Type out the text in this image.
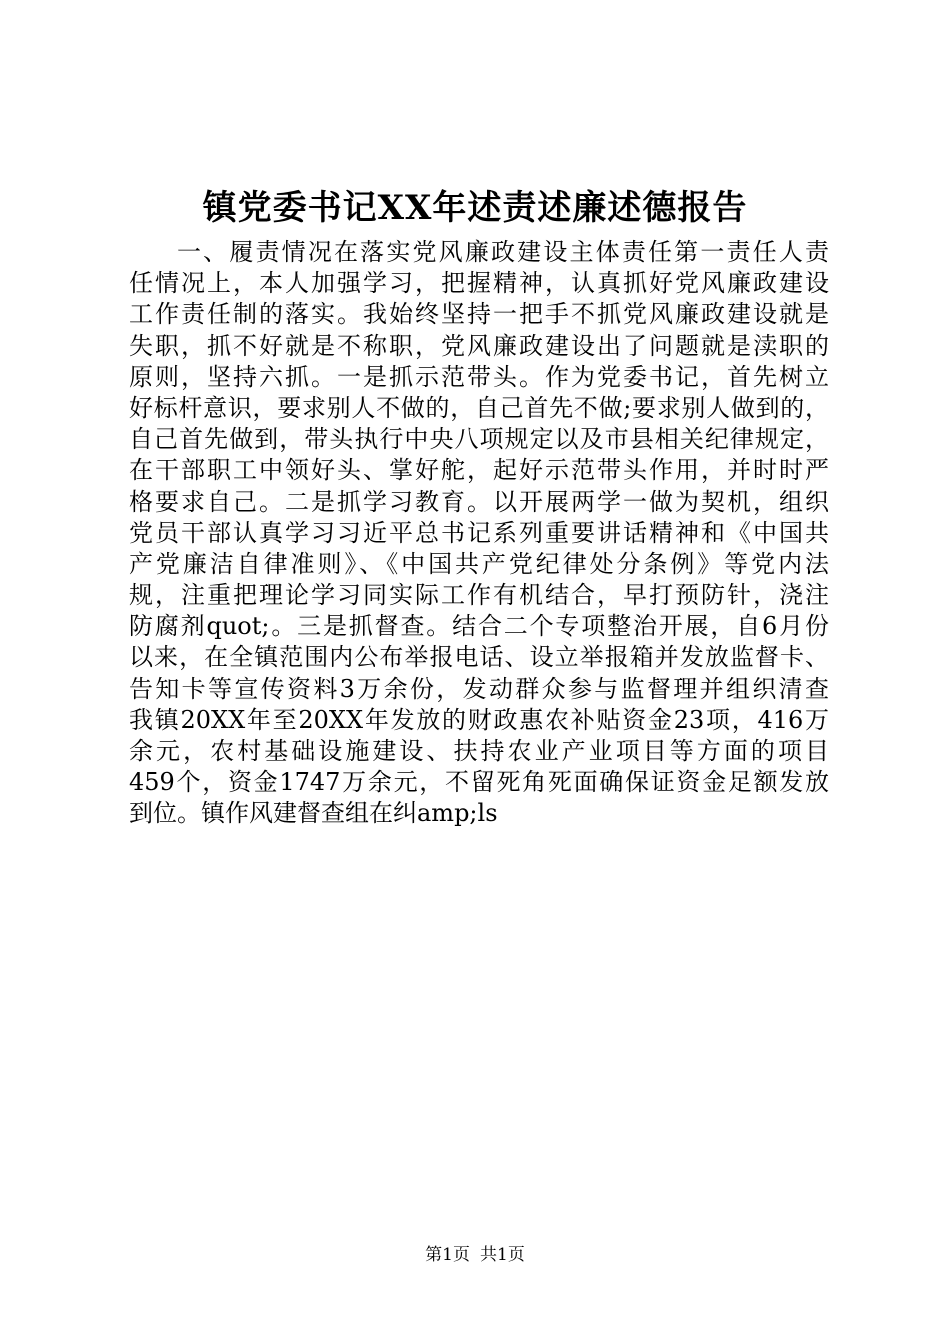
镇党委书记XX年述责述廉述德报告
一、履责情况在落实党风廉政建设主体责任第一责任人责
任情况上，本人加强学习，把握精神，认真抓好党风廉政建设
工作责任制的落实。我始终坚持一把手不抓党风廉政建设就是
失职，抓不好就是不称职，党风廉政建设出了问题就是渎职的
原则，坚持六抓。一是抓示范带头。作为党委书记，首先树立
好标杆意识，要求别人不做的，自己首先不做;要求别人做到的，
自己首先做到，带头执行中央八项规定以及市县相关纪律规定，
在干部职工中领好头、掌好舵，起好示范带头作用，并时时严
格要求自己。二是抓学习教育。以开展两学一做为契机，组织
党员干部认真学习习近平总书记系列重要讲话精神和《中国共
产党廉洁自律准则》、《中国共产党纪律处分条例》等党内法
规，注重把理论学习同实际工作有机结合，早打预防针，浇注
防腐剂quot;。三是抓督查。结合二个专项整治开展，自6月份
以来，在全镇范围内公布举报电话、设立举报箱并发放监督卡、
告知卡等宣传资料3万余份，发动群众参与监督理并组织清查
我镇20XX年至20XX年发放的财政惠农补贴资金23项，416万
余元，农村基础设施建设、扶持农业产业项目等方面的项目
459个，资金1747万余元，不留死角死面确保证资金足额发放
到位。镇作风建督查组在纠amp;ls
第1页 共1页
